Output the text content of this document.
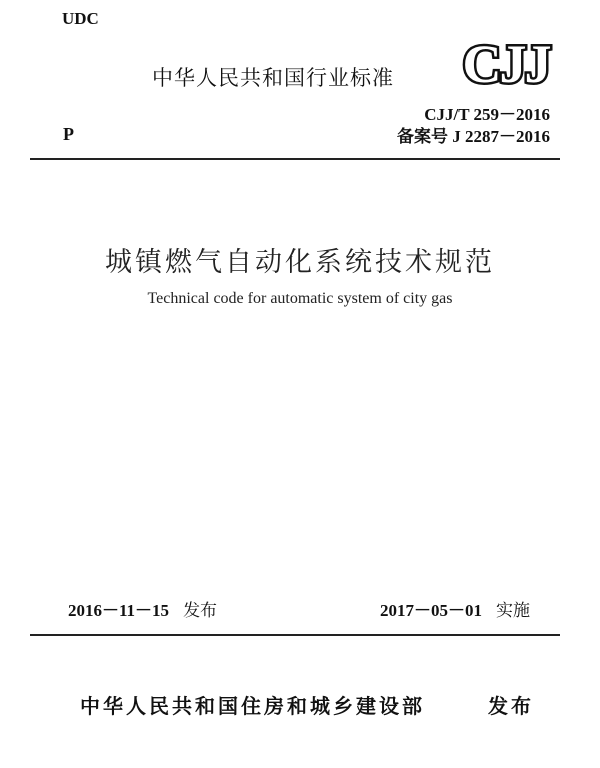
UDC
中华人民共和国行业标准 CJJ
P
CJJ/T 259－2016
备案号 J 2287－2016
城镇燃气自动化系统技术规范
Technical code for automatic system of city gas
2016－11－15 发布	2017－05－01 实施
中华人民共和国住房和城乡建设部	发布
